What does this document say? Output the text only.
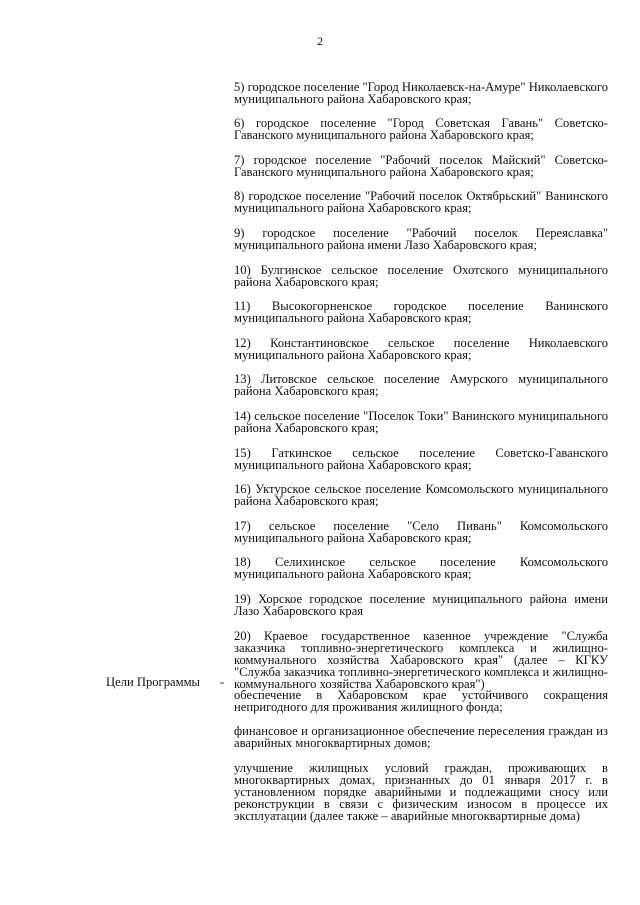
2

5) городское поселение "Город Николаевск-на-Амуре" Николаевского муниципального района Хабаровского края;

6) городское поселение "Город Советская Гавань" Советско-Гаванского муниципального района Хабаровского края;

7) городское поселение "Рабочий поселок Майский" Советско-Гаванского муниципального района Хабаровского края;

8) городское поселение "Рабочий поселок Октябрьский" Ванинского муниципального района Хабаровского края;

9) городское поселение "Рабочий поселок Переяславка" муниципального района имени Лазо Хабаровского края;

10) Булгинское сельское поселение Охотского муниципального района Хабаровского края;

11) Высокогорненское городское поселение Ванинского муниципального района Хабаровского края;

12) Константиновское сельское поселение Николаевского муниципального района Хабаровского края;

13) Литовское сельское поселение Амурского муниципального района Хабаровского края;

14) сельское поселение "Поселок Токи" Ванинского муниципального района Хабаровского края;

15) Гаткинское сельское поселение Советско-Гаванского муниципального района Хабаровского края;

16) Уктурское сельское поселение Комсомольского муниципального района Хабаровского края;

17) сельское поселение "Село Пивань" Комсомольского муниципального района Хабаровского края;

18) Селихинское сельское поселение Комсомольского муниципального района Хабаровского края;

19) Хорское городское поселение муниципального района имени Лазо Хабаровского края

20) Краевое государственное казенное учреждение "Служба заказчика топливно-энергетического комплекса и жилищно-коммунального хозяйства Хабаровского края" (далее – КГКУ "Служба заказчика топливно-энергетического комплекса и жилищно-коммунального хозяйства Хабаровского края")

Цели Программы	-

обеспечение в Хабаровском крае устойчивого сокращения непригодного для проживания жилищного фонда;

финансовое и организационное обеспечение переселения граждан из аварийных многоквартирных домов;

улучшение жилищных условий граждан, проживающих в многоквартирных домах, признанных до 01 января 2017 г. в установленном порядке аварийными и подлежащими сносу или реконструкции в связи с физическим износом в процессе их эксплуатации (далее также – аварийные многоквартирные дома)
